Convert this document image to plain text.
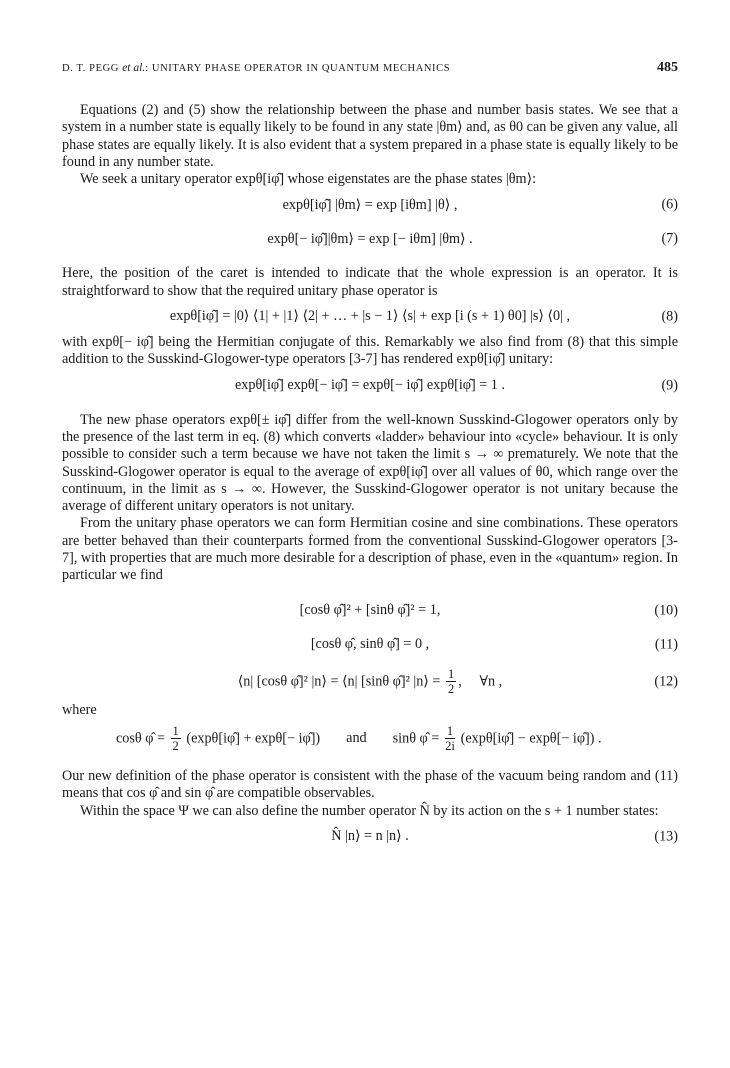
D. T. PEGG et al.: UNITARY PHASE OPERATOR IN QUANTUM MECHANICS	485

Equations (2) and (5) show the relationship between the phase and number basis states. We see that a system in a number state is equally likely to be found in any state |θm⟩ and, as θ0 can be given any value, all phase states are equally likely. It is also evident that a system prepared in a phase state is equally likely to be found in any number state.

We seek a unitary operator expθ[iφ̂] whose eigenstates are the phase states |θm⟩:

expθ[iφ̂] |θm⟩ = exp [iθm] |θ⟩ ,	(6)
expθ[− iφ̂]|θm⟩ = exp [− iθm] |θm⟩ .	(7)

Here, the position of the caret is intended to indicate that the whole expression is an operator. It is straightforward to show that the required unitary phase operator is

expθ[iφ̂] = |0⟩ ⟨1| + |1⟩ ⟨2| + … + |s − 1⟩ ⟨s| + exp [i (s + 1) θ0] |s⟩ ⟨0| ,	(8)

with expθ[− iφ̂] being the Hermitian conjugate of this. Remarkably we also find from (8) that this simple addition to the Susskind-Glogower-type operators [3-7] has rendered expθ[iφ̂] unitary:

expθ[iφ̂] expθ[− iφ̂] = expθ[− iφ̂] expθ[iφ̂] = 1 .	(9)

The new phase operators expθ[± iφ̂] differ from the well-known Susskind-Glogower operators only by the presence of the last term in eq. (8) which converts «ladder» behaviour into «cycle» behaviour. It is only possible to consider such a term because we have not taken the limit s → ∞ prematurely. We note that the Susskind-Glogower operator is equal to the average of expθ[iφ̂] over all values of θ0, which range over the continuum, in the limit as s → ∞. However, the Susskind-Glogower operator is not unitary because the average of different unitary operators is not unitary.

From the unitary phase operators we can form Hermitian cosine and sine combinations. These operators are better behaved than their counterparts formed from the conventional Susskind-Glogower operators [3-7], with properties that are much more desirable for a description of phase, even in the «quantum» region. In particular we find

[cosθ φ̂]² + [sinθ φ̂]² = 1,	(10)
[cosθ φ̂, sinθ φ̂] = 0 ,	(11)
⟨n| [cosθ φ̂]² |n⟩ = ⟨n| [sinθ φ̂]² |n⟩ = $\frac{1}{2}$ ,     ∀n ,	(12)

where

cosθ φ̂ = $\frac{1}{2}$ (expθ[iφ̂] + expθ[− iφ̂]) and sinθ φ̂ = $\frac{1}{2i}$ (expθ[iφ̂] − expθ[− iφ̂]) .

Our new definition of the phase operator is consistent with the phase of the vacuum being random and (11) means that cos φ̂ and sin φ̂ are compatible observables.

Within the space Ψ we can also define the number operator N̂ by its action on the s + 1 number states:

N̂ |n⟩ = n |n⟩ .	(13)
